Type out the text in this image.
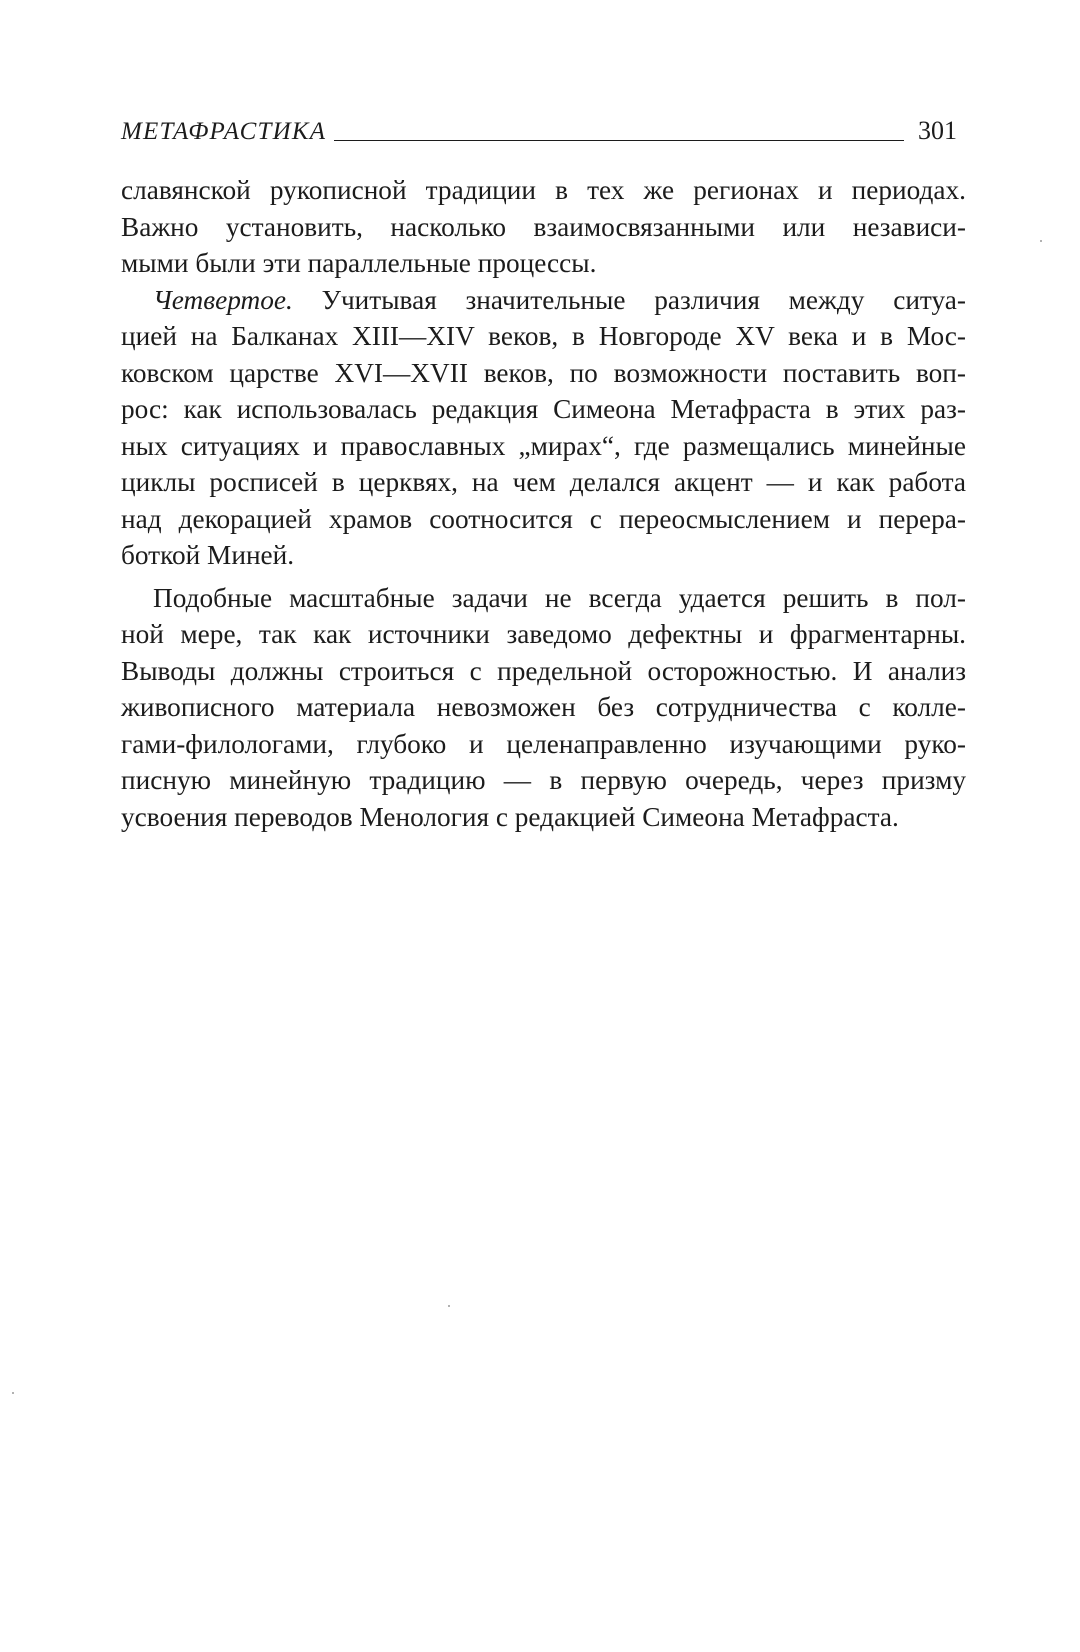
МЕТАФРАСТИКА	301
славянской рукописной традиции в тех же регионах и периодах.
Важно установить, насколько взаимосвязанными или независи-
мыми были эти параллельные процессы.
Четвертое. Учитывая значительные различия между ситуа-
цией на Балканах XIII—XIV веков, в Новгороде XV века и в Мос-
ковском царстве XVI—XVII веков, по возможности поставить воп-
рос: как использовалась редакция Симеона Метафраста в этих раз-
ных ситуациях и православных „мирах“, где размещались минейные
циклы росписей в церквях, на чем делался акцент — и как работа
над декорацией храмов соотносится с переосмыслением и перера-
боткой Миней.
Подобные масштабные задачи не всегда удается решить в пол-
ной мере, так как источники заведомо дефектны и фрагментарны.
Выводы должны строиться с предельной осторожностью. И анализ
живописного материала невозможен без сотрудничества с колле-
гами-филологами, глубоко и целенаправленно изучающими руко-
писную минейную традицию — в первую очередь, через призму
усвоения переводов Менология с редакцией Симеона Метафраста.
